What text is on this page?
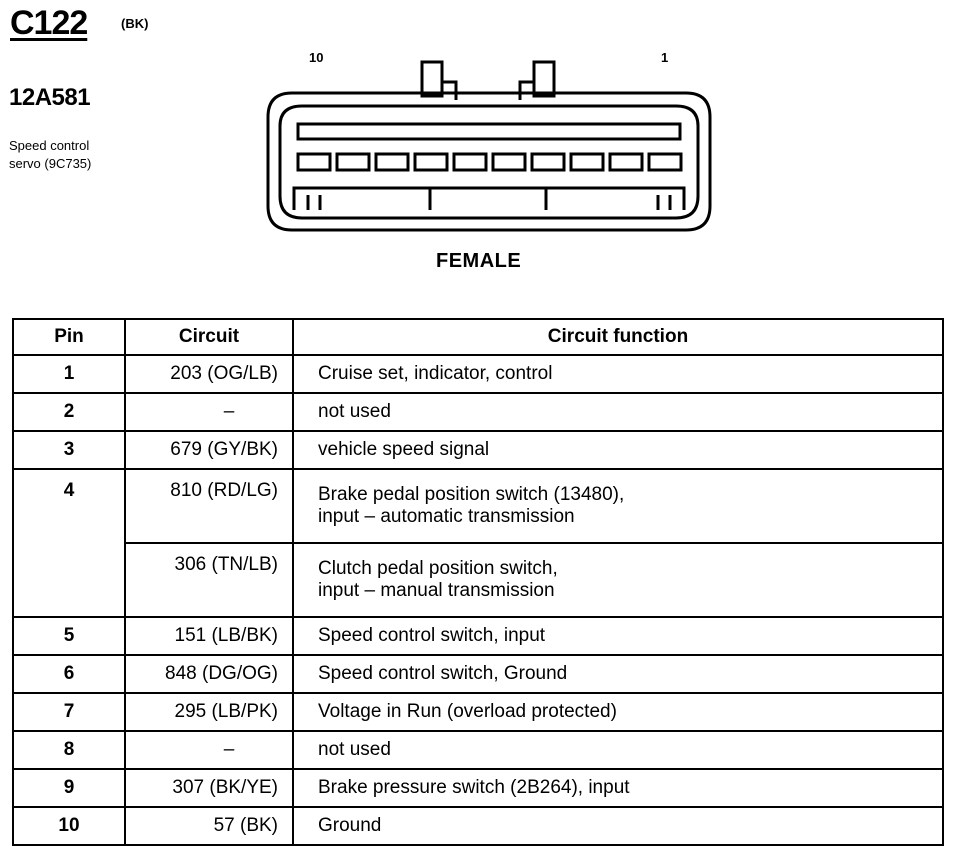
C122	(BK)
12A581
Speed control
servo (9C735)
10	1
FEMALE
Pin	Circuit	Circuit function
1	203 (OG/LB)	Cruise set, indicator, control
2	–	not used
3	679 (GY/BK)	vehicle speed signal
4	810 (RD/LG)	Brake pedal position switch (13480),
input – automatic transmission

	306 (TN/LB)	Clutch pedal position switch,
input – manual transmission

5	151 (LB/BK)	Speed control switch, input
6	848 (DG/OG)	Speed control switch, Ground
7	295 (LB/PK)	Voltage in Run (overload protected)
8	–	not used
9	307 (BK/YE)	Brake pressure switch (2B264), input
10	57 (BK)	Ground
